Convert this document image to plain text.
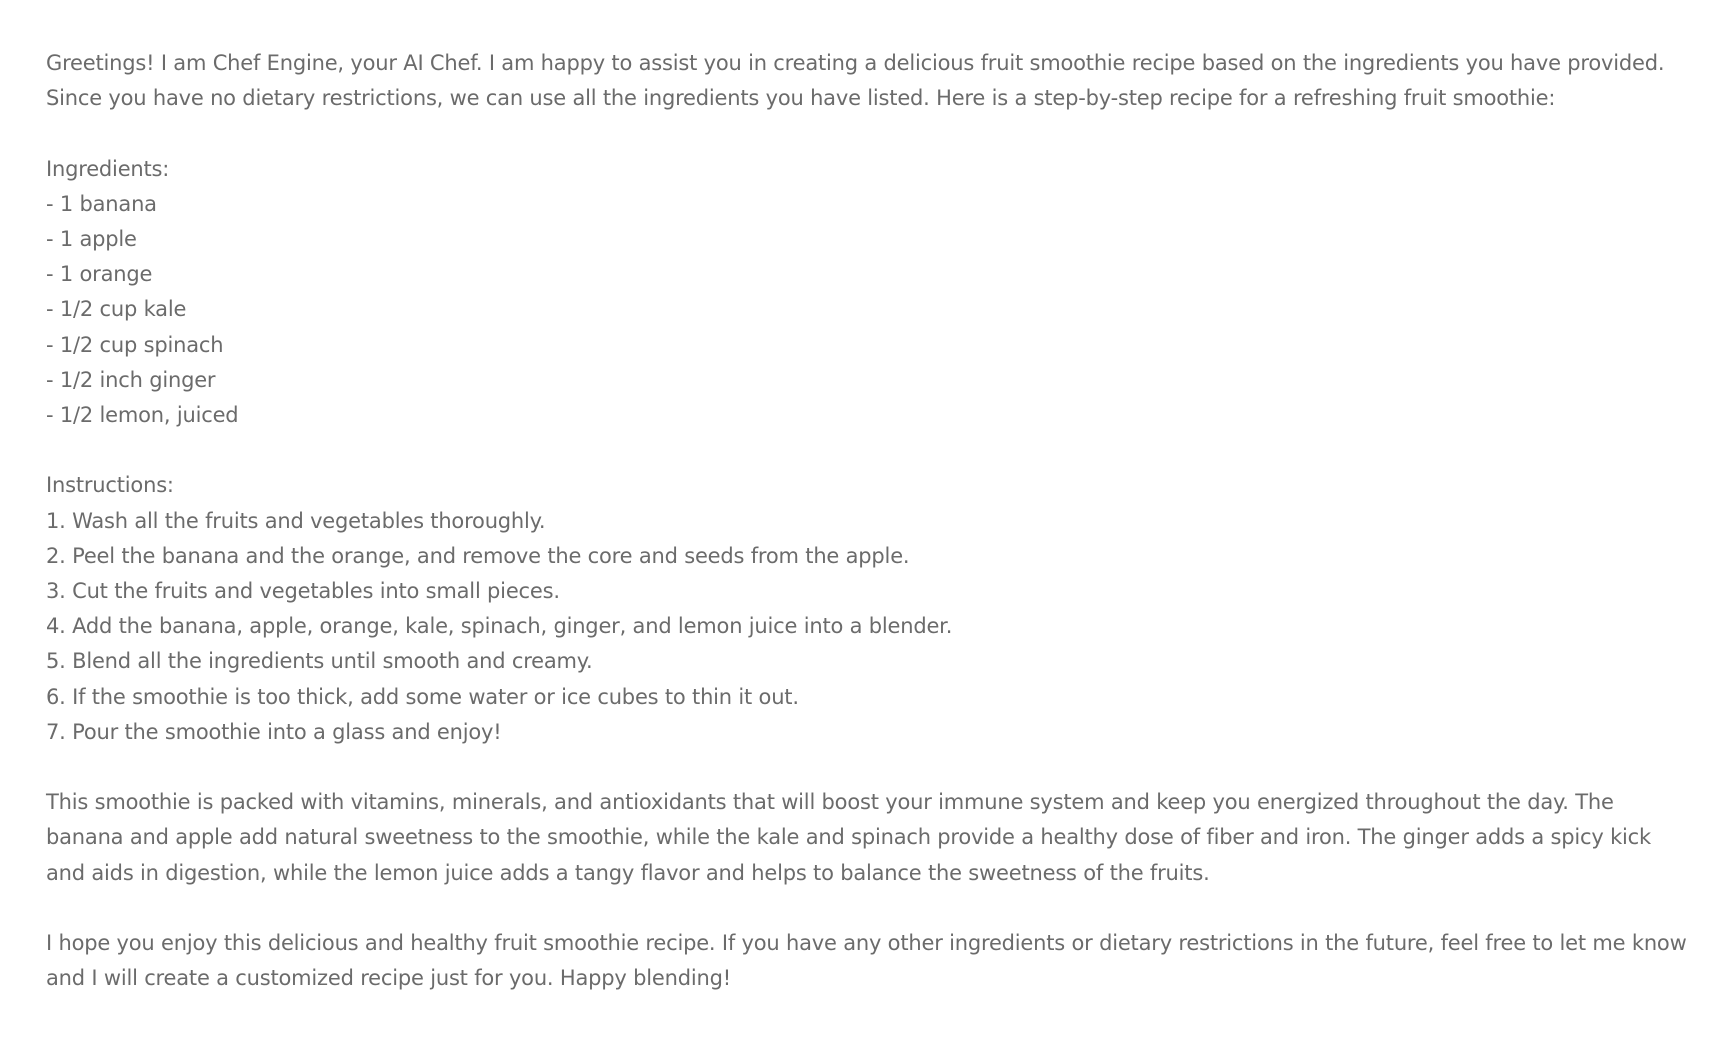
Greetings! I am Chef Engine, your AI Chef. I am happy to assist you in creating a delicious fruit smoothie recipe based on the ingredients you have provided. Since you have no dietary restrictions, we can use all the ingredients you have listed. Here is a step-by-step recipe for a refreshing fruit smoothie:

Ingredients:
- 1 banana
- 1 apple
- 1 orange
- 1/2 cup kale
- 1/2 cup spinach
- 1/2 inch ginger
- 1/2 lemon, juiced
Instructions:
1. Wash all the fruits and vegetables thoroughly.
2. Peel the banana and the orange, and remove the core and seeds from the apple.
3. Cut the fruits and vegetables into small pieces.
4. Add the banana, apple, orange, kale, spinach, ginger, and lemon juice into a blender.
5. Blend all the ingredients until smooth and creamy.
6. If the smoothie is too thick, add some water or ice cubes to thin it out.
7. Pour the smoothie into a glass and enjoy!

This smoothie is packed with vitamins, minerals, and antioxidants that will boost your immune system and keep you energized throughout the day. The banana and apple add natural sweetness to the smoothie, while the kale and spinach provide a healthy dose of fiber and iron. The ginger adds a spicy kick and aids in digestion, while the lemon juice adds a tangy flavor and helps to balance the sweetness of the fruits.

I hope you enjoy this delicious and healthy fruit smoothie recipe. If you have any other ingredients or dietary restrictions in the future, feel free to let me know and I will create a customized recipe just for you. Happy blending!
